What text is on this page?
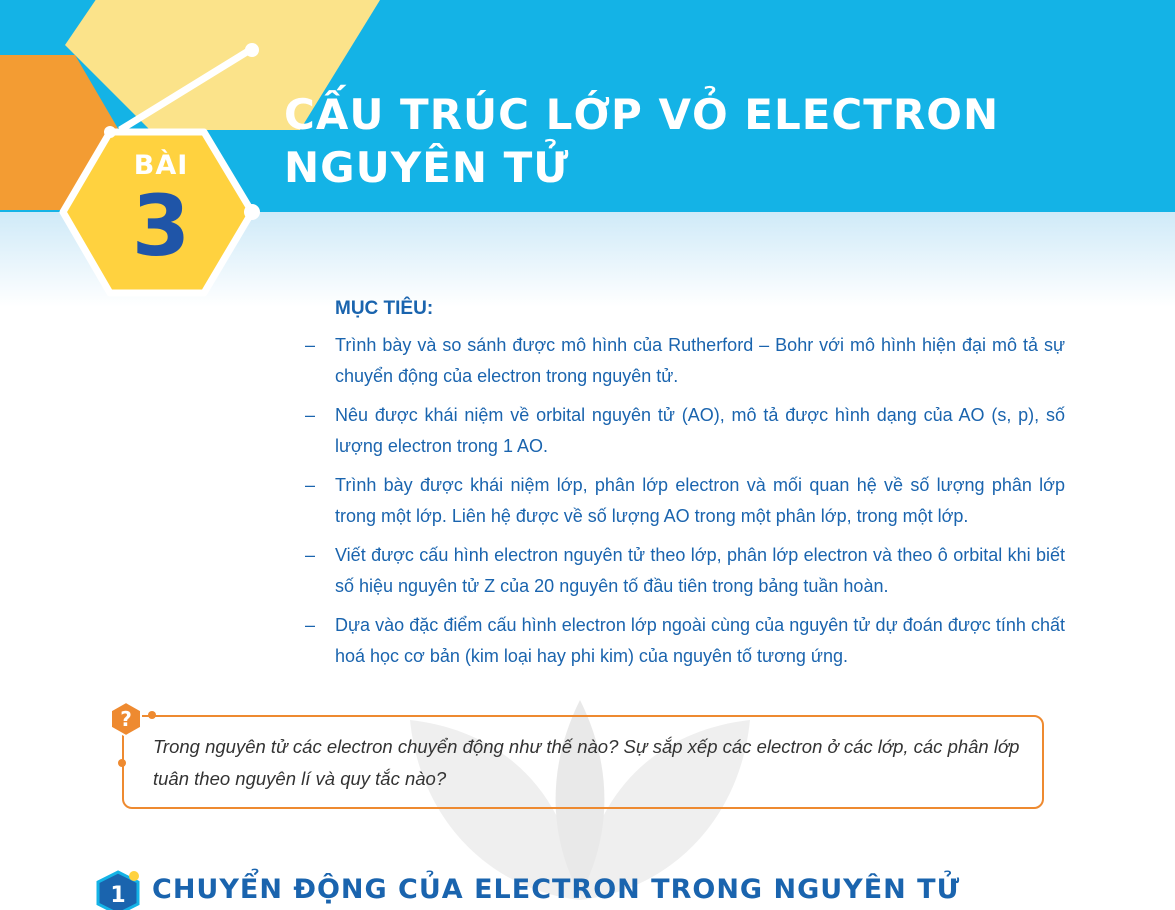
BÀI
3
CẤU TRÚC LỚP VỎ ELECTRON
NGUYÊN TỬ
MỤC TIÊU:
–	Trình bày và so sánh được mô hình của Rutherford – Bohr với mô hình hiện đại mô tả sự chuyển động của electron trong nguyên tử.
–	Nêu được khái niệm về orbital nguyên tử (AO), mô tả được hình dạng của AO (s, p), số lượng electron trong 1 AO.
–	Trình bày được khái niệm lớp, phân lớp electron và mối quan hệ về số lượng phân lớp trong một lớp. Liên hệ được về số lượng AO trong một phân lớp, trong một lớp.
–	Viết được cấu hình electron nguyên tử theo lớp, phân lớp electron và theo ô orbital khi biết số hiệu nguyên tử Z của 20 nguyên tố đầu tiên trong bảng tuần hoàn.
–	Dựa vào đặc điểm cấu hình electron lớp ngoài cùng của nguyên tử dự đoán được tính chất hoá học cơ bản (kim loại hay phi kim) của nguyên tố tương ứng.
?

Trong nguyên tử các electron chuyển động như thế nào? Sự sắp xếp các electron ở các lớp, các phân lớp tuân theo nguyên lí và quy tắc nào?

1 CHUYỂN ĐỘNG CỦA ELECTRON TRONG NGUYÊN TỬ
